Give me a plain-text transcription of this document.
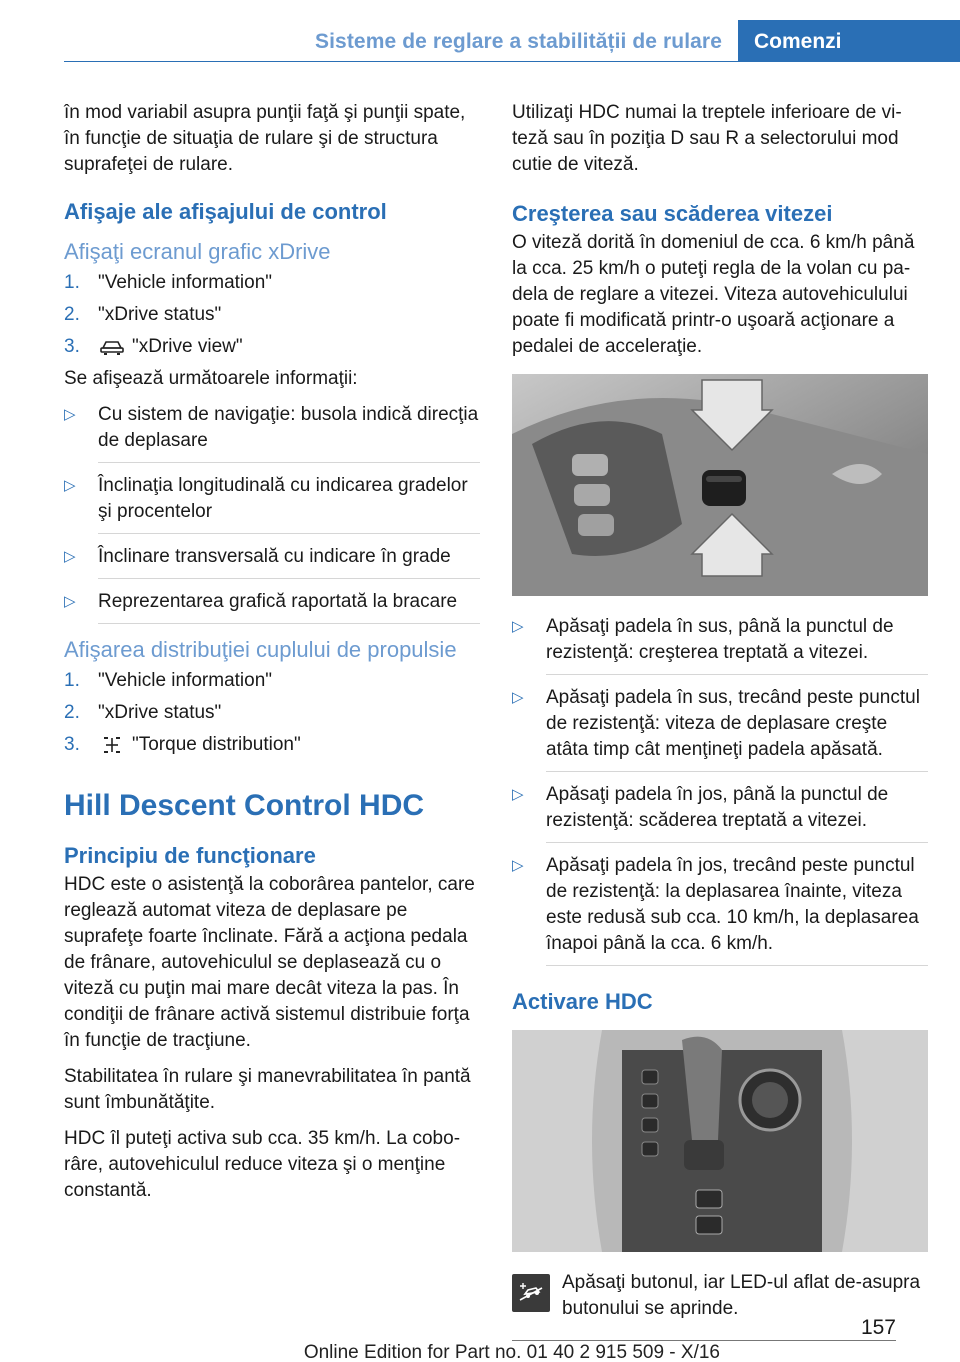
Sisteme de reglare a stabilității de rulare	Comenzi

în mod variabil asupra punţii faţă şi punţii spate, în funcţie de situaţia de rulare şi de structura suprafeţei de rulare.

Afişaje ale afişajului de control
Afişaţi ecranul grafic xDrive
1. "Vehicle information"
2. "xDrive status"
3.	"xDrive view"

Se afişează următoarele informaţii:

▷ Cu sistem de navigaţie: busola indică direcţia de deplasare
▷ Înclinaţia longitudinală cu indicarea gradelor şi procentelor
▷ Înclinare transversală cu indicare în grade
▷ Reprezentarea grafică raportată la bracare
Afişarea distribuţiei cuplului de propulsie
1. "Vehicle information"
2. "xDrive status"
3.	"Torque distribution"
Hill Descent Control HDC
Principiu de funcţionare

HDC este o asistenţă la coborârea pantelor, care reglează automat viteza de deplasare pe suprafeţe foarte înclinate. Fără a acţiona pedala de frânare, autovehiculul se deplasează cu o viteză cu puţin mai mare decât viteza la pas. În condiţii de frânare activă sistemul distribuie forţa în funcţie de tracţiune.

Stabilitatea în rulare şi manevrabilitatea în pantă sunt îmbunătăţite.

HDC îl puteţi activa sub cca. 35 km/h. La coborâre, autovehiculul reduce viteza şi o menţine constantă.

Utilizaţi HDC numai la treptele inferioare de viteză sau în poziţia D sau R a selectorului mod cutie de viteză.

Creşterea sau scăderea vitezei

O viteză dorită în domeniul de cca. 6 km/h până la cca. 25 km/h o puteţi regla de la volan cu padela de reglare a vitezei. Viteza autovehiculului poate fi modificată printr-o uşoară acţionare a pedalei de acceleraţie.

▷ Apăsaţi padela în sus, până la punctul de rezistenţă: creşterea treptată a vitezei.
▷ Apăsaţi padela în sus, trecând peste punctul de rezistenţă: viteza de deplasare creşte atâta timp cât menţineţi padela apăsată.
▷ Apăsaţi padela în jos, până la punctul de rezistenţă: scăderea treptată a vitezei.
▷ Apăsaţi padela în jos, trecând peste punctul de rezistenţă: la deplasarea înainte, viteza este redusă sub cca. 10 km/h, la deplasarea înapoi până la cca. 6 km/h.
Activare HDC
Apăsaţi butonul, iar LED-ul aflat de-asupra butonului se aprinde.
157
Online Edition for Part no. 01 40 2 915 509 - X/16
